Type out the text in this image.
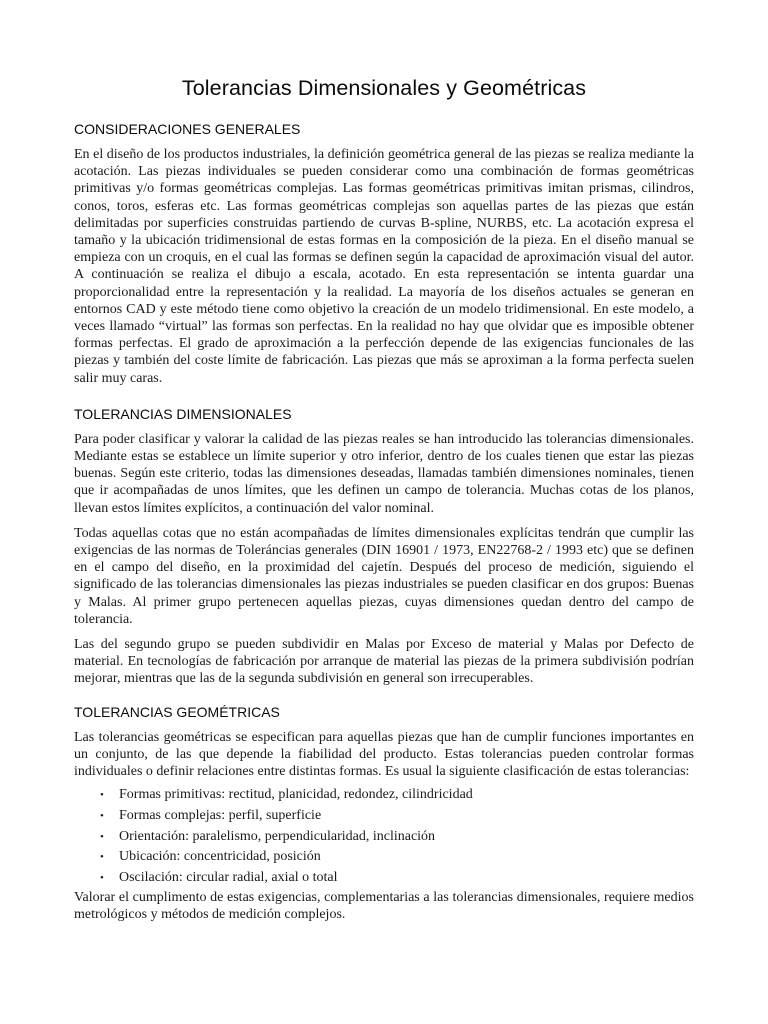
Tolerancias Dimensionales y Geométricas
CONSIDERACIONES GENERALES

En el diseño de los productos industriales, la definición geométrica general de las piezas se realiza mediante la acotación. Las piezas individuales se pueden considerar como una combinación de formas geométricas primitivas y/o formas geométricas complejas. Las formas geométricas primitivas imitan prismas, cilindros, conos, toros, esferas etc. Las formas geométricas complejas son aquellas partes de las piezas que están delimitadas por superficies construidas partiendo de curvas B-spline, NURBS, etc. La acotación expresa el tamaño y la ubicación tridimensional de estas formas en la composición de la pieza. En el diseño manual se empieza con un croquis, en el cual las formas se definen según la capacidad de aproximación visual del autor. A continuación se realiza el dibujo a escala, acotado. En esta representación se intenta guardar una proporcionalidad entre la representación y la realidad. La mayoría de los diseños actuales se generan en entornos CAD y este método tiene como objetivo la creación de un modelo tridimensional. En este modelo, a veces llamado “virtual” las formas son perfectas. En la realidad no hay que olvidar que es imposible obtener formas perfectas. El grado de aproximación a la perfección depende de las exigencias funcionales de las piezas y también del coste límite de fabricación. Las piezas que más se aproximan a la forma perfecta suelen salir muy caras.

TOLERANCIAS DIMENSIONALES

Para poder clasificar y valorar la calidad de las piezas reales se han introducido las tolerancias dimensionales. Mediante estas se establece un límite superior y otro inferior, dentro de los cuales tienen que estar las piezas buenas. Según este criterio, todas las dimensiones deseadas, llamadas también dimensiones nominales, tienen que ir acompañadas de unos límites, que les definen un campo de tolerancia. Muchas cotas de los planos, llevan estos límites explícitos, a continuación del valor nominal.

Todas aquellas cotas que no están acompañadas de límites dimensionales explícitas tendrán que cumplir las exigencias de las normas de Toleráncias generales (DIN 16901 / 1973, EN22768-2 / 1993 etc) que se definen en el campo del diseño, en la proximidad del cajetín. Después del proceso de medición, siguiendo el significado de las tolerancias dimensionales las piezas industriales se pueden clasificar en dos grupos: Buenas y Malas. Al primer grupo pertenecen aquellas piezas, cuyas dimensiones quedan dentro del campo de tolerancia.

Las del segundo grupo se pueden subdividir en Malas por Exceso de material y Malas por Defecto de material. En tecnologías de fabricación por arranque de material las piezas de la primera subdivisión podrían mejorar, mientras que las de la segunda subdivisión en general son irrecuperables.

TOLERANCIAS GEOMÉTRICAS

Las tolerancias geométricas se especifican para aquellas piezas que han de cumplir funciones importantes en un conjunto, de las que depende la fiabilidad del producto. Estas tolerancias pueden controlar formas individuales o definir relaciones entre distintas formas. Es usual la siguiente clasificación de estas tolerancias:

• Formas primitivas: rectitud, planicidad, redondez, cilindricidad
• Formas complejas: perfil, superficie
• Orientación: paralelismo, perpendicularidad, inclinación
• Ubicación: concentricidad, posición
• Oscilación: circular radial, axial o total

Valorar el cumplimento de estas exigencias, complementarias a las tolerancias dimensionales, requiere medios metrológicos y métodos de medición complejos.
